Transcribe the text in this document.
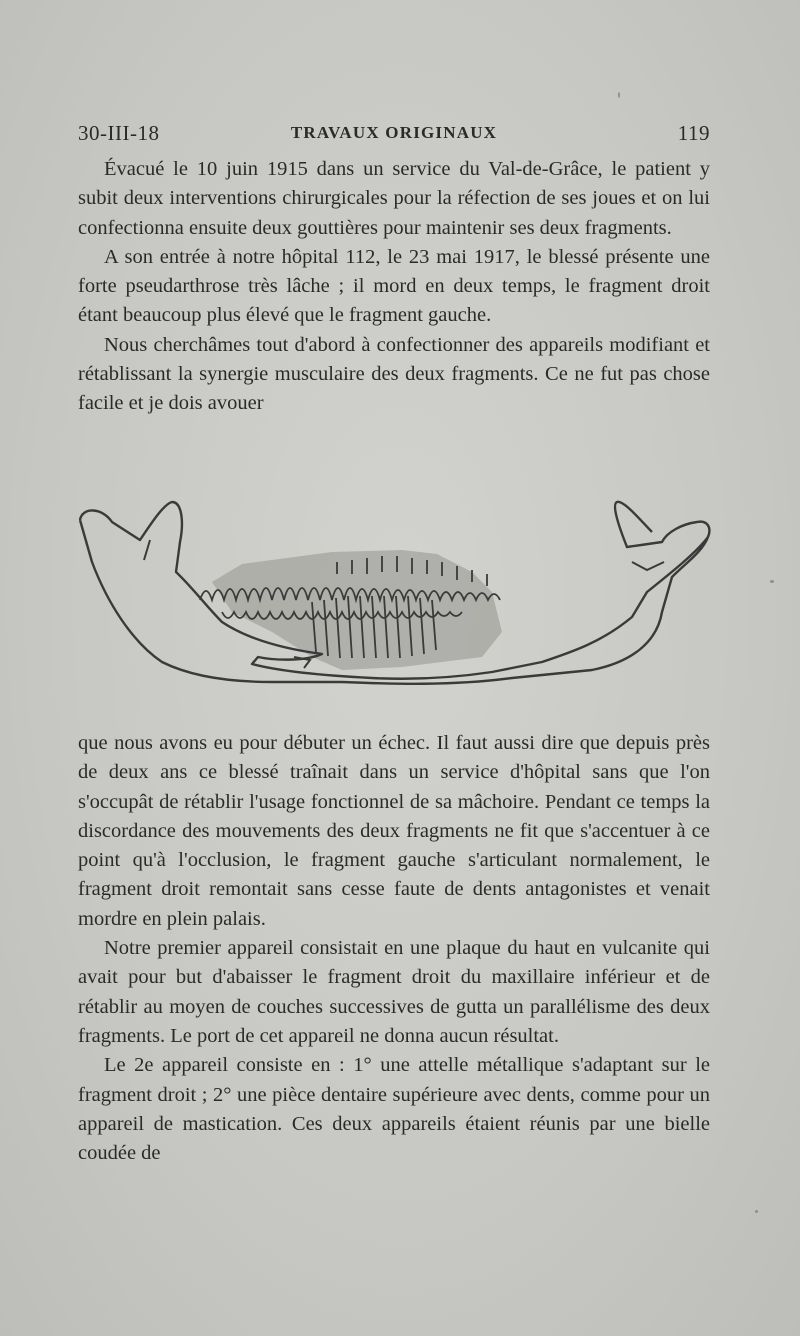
30-III-18	TRAVAUX ORIGINAUX	119

Évacué le 10 juin 1915 dans un service du Val-de-Grâce, le patient y subit deux interventions chirurgicales pour la réfection de ses joues et on lui confectionna ensuite deux gouttières pour maintenir ses deux fragments.

A son entrée à notre hôpital 112, le 23 mai 1917, le blessé présente une forte pseudarthrose très lâche ; il mord en deux temps, le fragment droit étant beaucoup plus élevé que le fragment gauche.

Nous cherchâmes tout d'abord à confectionner des appareils modifiant et rétablissant la synergie musculaire des deux fragments. Ce ne fut pas chose facile et je dois avouer

que nous avons eu pour débuter un échec. Il faut aussi dire que depuis près de deux ans ce blessé traînait dans un service d'hôpital sans que l'on s'occupât de rétablir l'usage fonctionnel de sa mâchoire. Pendant ce temps la discordance des mouvements des deux fragments ne fit que s'accentuer à ce point qu'à l'occlusion, le fragment gauche s'articulant normalement, le fragment droit remontait sans cesse faute de dents antagonistes et venait mordre en plein palais.

Notre premier appareil consistait en une plaque du haut en vulcanite qui avait pour but d'abaisser le fragment droit du maxillaire inférieur et de rétablir au moyen de couches successives de gutta un parallélisme des deux fragments. Le port de cet appareil ne donna aucun résultat.

Le 2e appareil consiste en : 1° une attelle métallique s'adaptant sur le fragment droit ; 2° une pièce dentaire supérieure avec dents, comme pour un appareil de mastication. Ces deux appareils étaient réunis par une bielle coudée de
